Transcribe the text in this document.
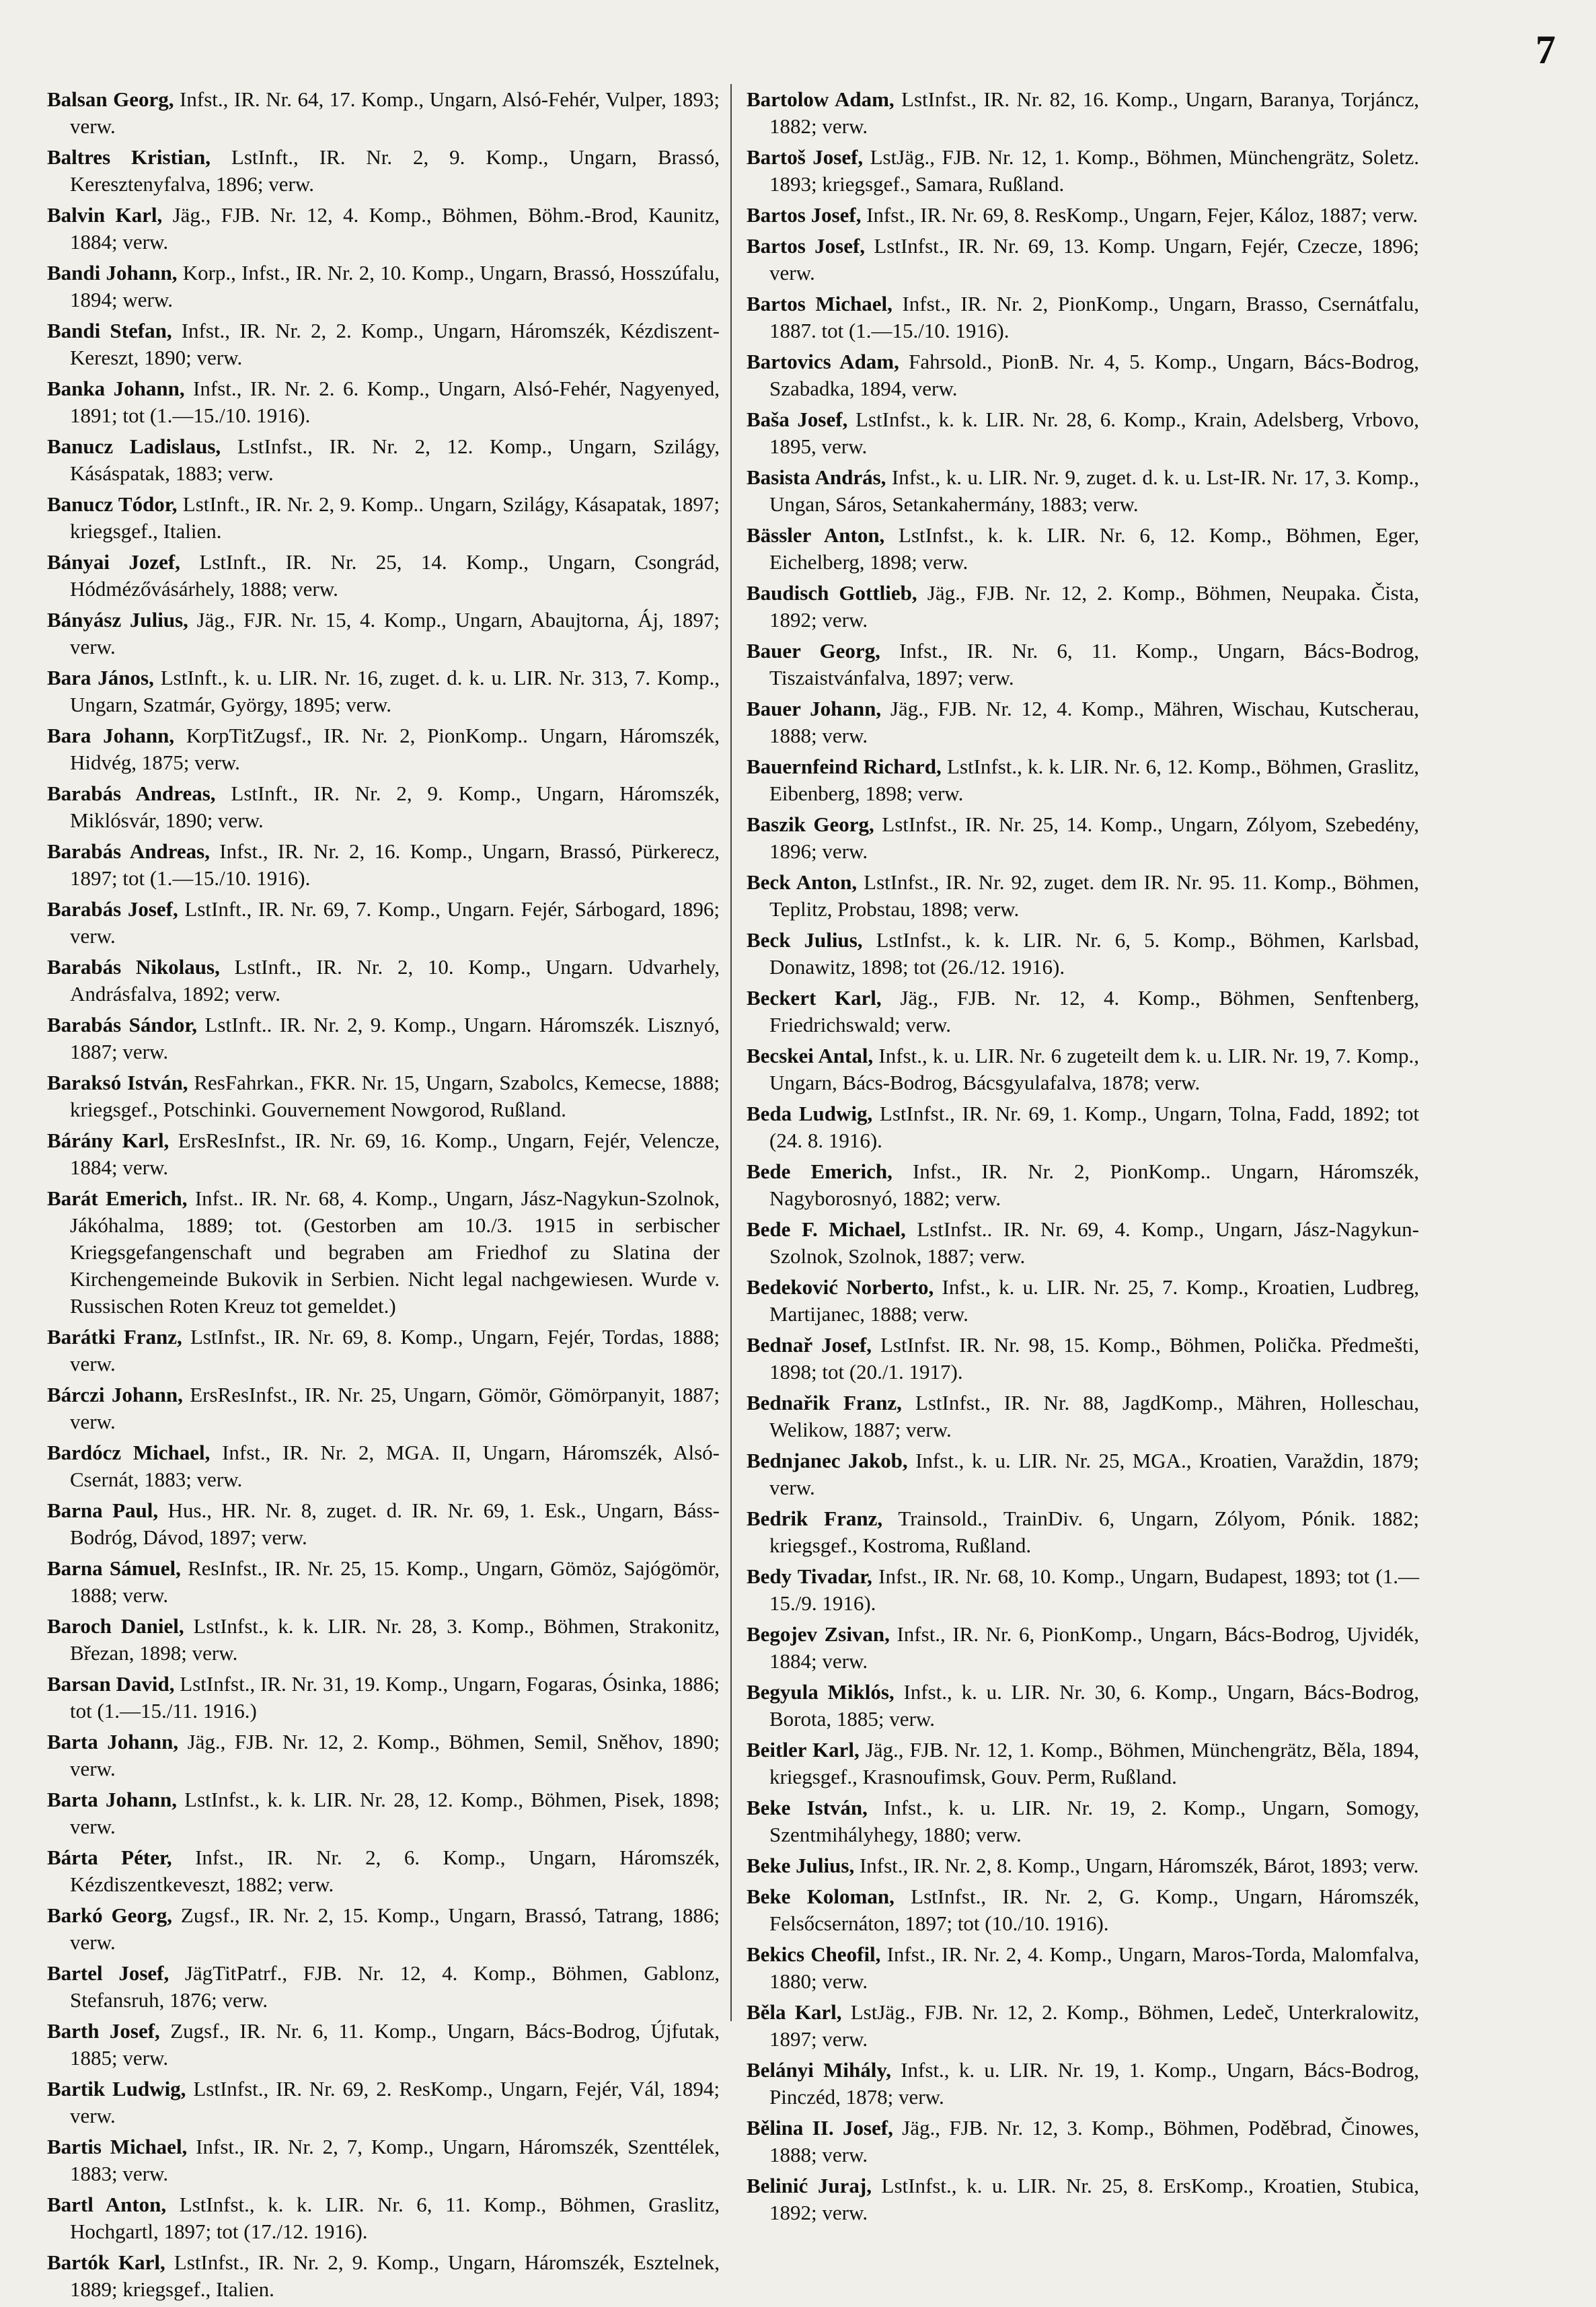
7

Balsan Georg, Infst., IR. Nr. 64, 17. Komp., Ungarn, Alsó-Fehér, Vulper, 1893; verw.

Baltres Kristian, LstInft., IR. Nr. 2, 9. Komp., Ungarn, Brassó, Keresztenyfalva, 1896; verw.

Balvin Karl, Jäg., FJB. Nr. 12, 4. Komp., Böhmen, Böhm.-Brod, Kaunitz, 1884; verw.

Bandi Johann, Korp., Infst., IR. Nr. 2, 10. Komp., Ungarn, Brassó, Hosszúfalu, 1894; werw.

Bandi Stefan, Infst., IR. Nr. 2, 2. Komp., Ungarn, Háromszék, Kézdiszent-Kereszt, 1890; verw.

Banka Johann, Infst., IR. Nr. 2. 6. Komp., Ungarn, Alsó-Fehér, Nagyenyed, 1891; tot (1.—15./10. 1916).

Banucz Ladislaus, LstInfst., IR. Nr. 2, 12. Komp., Ungarn, Szilágy, Kásáspatak, 1883; verw.

Banucz Tódor, LstInft., IR. Nr. 2, 9. Komp.. Ungarn, Szilágy, Kásapatak, 1897; kriegsgef., Italien.

Bányai Jozef, LstInft., IR. Nr. 25, 14. Komp., Ungarn, Csongrád, Hódmézővásárhely, 1888; verw.

Bányász Julius, Jäg., FJR. Nr. 15, 4. Komp., Ungarn, Abaujtorna, Áj, 1897; verw.

Bara János, LstInft., k. u. LIR. Nr. 16, zuget. d. k. u. LIR. Nr. 313, 7. Komp., Ungarn, Szatmár, György, 1895; verw.

Bara Johann, KorpTitZugsf., IR. Nr. 2, PionKomp.. Ungarn, Háromszék, Hidvég, 1875; verw.

Barabás Andreas, LstInft., IR. Nr. 2, 9. Komp., Ungarn, Háromszék, Miklósvár, 1890; verw.

Barabás Andreas, Infst., IR. Nr. 2, 16. Komp., Ungarn, Brassó, Pürkerecz, 1897; tot (1.—15./10. 1916).

Barabás Josef, LstInft., IR. Nr. 69, 7. Komp., Ungarn. Fejér, Sárbogard, 1896; verw.

Barabás Nikolaus, LstInft., IR. Nr. 2, 10. Komp., Ungarn. Udvarhely, Andrásfalva, 1892; verw.

Barabás Sándor, LstInft.. IR. Nr. 2, 9. Komp., Ungarn. Háromszék. Lisznyó, 1887; verw.

Baraksó István, ResFahrkan., FKR. Nr. 15, Ungarn, Szabolcs, Kemecse, 1888; kriegsgef., Potschinki. Gouvernement Nowgorod, Rußland.

Bárány Karl, ErsResInfst., IR. Nr. 69, 16. Komp., Ungarn, Fejér, Velencze, 1884; verw.

Barát Emerich, Infst.. IR. Nr. 68, 4. Komp., Ungarn, Jász-Nagykun-Szolnok, Jákóhalma, 1889; tot. (Gestorben am 10./3. 1915 in serbischer Kriegsgefangenschaft und begraben am Friedhof zu Slatina der Kirchengemeinde Bukovik in Serbien. Nicht legal nachgewiesen. Wurde v. Russischen Roten Kreuz tot gemeldet.)

Barátki Franz, LstInfst., IR. Nr. 69, 8. Komp., Ungarn, Fejér, Tordas, 1888; verw.

Bárczi Johann, ErsResInfst., IR. Nr. 25, Ungarn, Gömör, Gömörpanyit, 1887; verw.

Bardócz Michael, Infst., IR. Nr. 2, MGA. II, Ungarn, Háromszék, Alsó-Csernát, 1883; verw.

Barna Paul, Hus., HR. Nr. 8, zuget. d. IR. Nr. 69, 1. Esk., Ungarn, Báss-Bodróg, Dávod, 1897; verw.

Barna Sámuel, ResInfst., IR. Nr. 25, 15. Komp., Ungarn, Gömöz, Sajógömör, 1888; verw.

Baroch Daniel, LstInfst., k. k. LIR. Nr. 28, 3. Komp., Böhmen, Strakonitz, Březan, 1898; verw.

Barsan David, LstInfst., IR. Nr. 31, 19. Komp., Ungarn, Fogaras, Ósinka, 1886; tot (1.—15./11. 1916.)

Barta Johann, Jäg., FJB. Nr. 12, 2. Komp., Böhmen, Semil, Sněhov, 1890; verw.

Barta Johann, LstInfst., k. k. LIR. Nr. 28, 12. Komp., Böhmen, Pisek, 1898; verw.

Bárta Péter, Infst., IR. Nr. 2, 6. Komp., Ungarn, Háromszék, Kézdiszentkeveszt, 1882; verw.

Barkó Georg, Zugsf., IR. Nr. 2, 15. Komp., Ungarn, Brassó, Tatrang, 1886; verw.

Bartel Josef, JägTitPatrf., FJB. Nr. 12, 4. Komp., Böhmen, Gablonz, Stefansruh, 1876; verw.

Barth Josef, Zugsf., IR. Nr. 6, 11. Komp., Ungarn, Bács-Bodrog, Újfutak, 1885; verw.

Bartik Ludwig, LstInfst., IR. Nr. 69, 2. ResKomp., Ungarn, Fejér, Vál, 1894; verw.

Bartis Michael, Infst., IR. Nr. 2, 7, Komp., Ungarn, Háromszék, Szenttélek, 1883; verw.

Bartl Anton, LstInfst., k. k. LIR. Nr. 6, 11. Komp., Böhmen, Graslitz, Hochgartl, 1897; tot (17./12. 1916).

Bartók Karl, LstInfst., IR. Nr. 2, 9. Komp., Ungarn, Háromszék, Esztelnek, 1889; kriegsgef., Italien.

Bartolow Adam, LstInfst., IR. Nr. 82, 16. Komp., Ungarn, Baranya, Torjáncz, 1882; verw.

Bartoš Josef, LstJäg., FJB. Nr. 12, 1. Komp., Böhmen, Münchengrätz, Soletz. 1893; kriegsgef., Samara, Rußland.

Bartos Josef, Infst., IR. Nr. 69, 8. ResKomp., Ungarn, Fejer, Káloz, 1887; verw.

Bartos Josef, LstInfst., IR. Nr. 69, 13. Komp. Ungarn, Fejér, Czecze, 1896; verw.

Bartos Michael, Infst., IR. Nr. 2, PionKomp., Ungarn, Brasso, Csernátfalu, 1887. tot (1.—15./10. 1916).

Bartovics Adam, Fahrsold., PionB. Nr. 4, 5. Komp., Ungarn, Bács-Bodrog, Szabadka, 1894, verw.

Baša Josef, LstInfst., k. k. LIR. Nr. 28, 6. Komp., Krain, Adelsberg, Vrbovo, 1895, verw.

Basista András, Infst., k. u. LIR. Nr. 9, zuget. d. k. u. Lst-IR. Nr. 17, 3. Komp., Ungan, Sáros, Setankahermány, 1883; verw.

Bässler Anton, LstInfst., k. k. LIR. Nr. 6, 12. Komp., Böhmen, Eger, Eichelberg, 1898; verw.

Baudisch Gottlieb, Jäg., FJB. Nr. 12, 2. Komp., Böhmen, Neupaka. Čista, 1892; verw.

Bauer Georg, Infst., IR. Nr. 6, 11. Komp., Ungarn, Bács-Bodrog, Tiszaistvánfalva, 1897; verw.

Bauer Johann, Jäg., FJB. Nr. 12, 4. Komp., Mähren, Wischau, Kutscherau, 1888; verw.

Bauernfeind Richard, LstInfst., k. k. LIR. Nr. 6, 12. Komp., Böhmen, Graslitz, Eibenberg, 1898; verw.

Baszik Georg, LstInfst., IR. Nr. 25, 14. Komp., Ungarn, Zólyom, Szebedény, 1896; verw.

Beck Anton, LstInfst., IR. Nr. 92, zuget. dem IR. Nr. 95. 11. Komp., Böhmen, Teplitz, Probstau, 1898; verw.

Beck Julius, LstInfst., k. k. LIR. Nr. 6, 5. Komp., Böhmen, Karlsbad, Donawitz, 1898; tot (26./12. 1916).

Beckert Karl, Jäg., FJB. Nr. 12, 4. Komp., Böhmen, Senftenberg, Friedrichswald; verw.

Becskei Antal, Infst., k. u. LIR. Nr. 6 zugeteilt dem k. u. LIR. Nr. 19, 7. Komp., Ungarn, Bács-Bodrog, Bácsgyulafalva, 1878; verw.

Beda Ludwig, LstInfst., IR. Nr. 69, 1. Komp., Ungarn, Tolna, Fadd, 1892; tot (24. 8. 1916).

Bede Emerich, Infst., IR. Nr. 2, PionKomp.. Ungarn, Háromszék, Nagyborosnyó, 1882; verw.

Bede F. Michael, LstInfst.. IR. Nr. 69, 4. Komp., Ungarn, Jász-Nagykun-Szolnok, Szolnok, 1887; verw.

Bedeković Norberto, Infst., k. u. LIR. Nr. 25, 7. Komp., Kroatien, Ludbreg, Martijanec, 1888; verw.

Bednař Josef, LstInfst. IR. Nr. 98, 15. Komp., Böhmen, Polička. Předmešti, 1898; tot (20./1. 1917).

Bednařik Franz, LstInfst., IR. Nr. 88, JagdKomp., Mähren, Holleschau, Welikow, 1887; verw.

Bednjanec Jakob, Infst., k. u. LIR. Nr. 25, MGA., Kroatien, Varaždin, 1879; verw.

Bedrik Franz, Trainsold., TrainDiv. 6, Ungarn, Zólyom, Pónik. 1882; kriegsgef., Kostroma, Rußland.

Bedy Tivadar, Infst., IR. Nr. 68, 10. Komp., Ungarn, Budapest, 1893; tot (1.—15./9. 1916).

Begojev Zsivan, Infst., IR. Nr. 6, PionKomp., Ungarn, Bács-Bodrog, Ujvidék, 1884; verw.

Begyula Miklós, Infst., k. u. LIR. Nr. 30, 6. Komp., Ungarn, Bács-Bodrog, Borota, 1885; verw.

Beitler Karl, Jäg., FJB. Nr. 12, 1. Komp., Böhmen, Münchengrätz, Běla, 1894, kriegsgef., Krasnoufimsk, Gouv. Perm, Rußland.

Beke István, Infst., k. u. LIR. Nr. 19, 2. Komp., Ungarn, Somogy, Szentmihályhegy, 1880; verw.

Beke Julius, Infst., IR. Nr. 2, 8. Komp., Ungarn, Háromszék, Bárot, 1893; verw.

Beke Koloman, LstInfst., IR. Nr. 2, G. Komp., Ungarn, Háromszék, Felsőcsernáton, 1897; tot (10./10. 1916).

Bekics Cheofil, Infst., IR. Nr. 2, 4. Komp., Ungarn, Maros-Torda, Malomfalva, 1880; verw.

Běla Karl, LstJäg., FJB. Nr. 12, 2. Komp., Böhmen, Ledeč, Unterkralowitz, 1897; verw.

Belányi Mihály, Infst., k. u. LIR. Nr. 19, 1. Komp., Ungarn, Bács-Bodrog, Pinczéd, 1878; verw.

Bělina II. Josef, Jäg., FJB. Nr. 12, 3. Komp., Böhmen, Poděbrad, Činowes, 1888; verw.

Belinić Juraj, LstInfst., k. u. LIR. Nr. 25, 8. ErsKomp., Kroatien, Stubica, 1892; verw.
